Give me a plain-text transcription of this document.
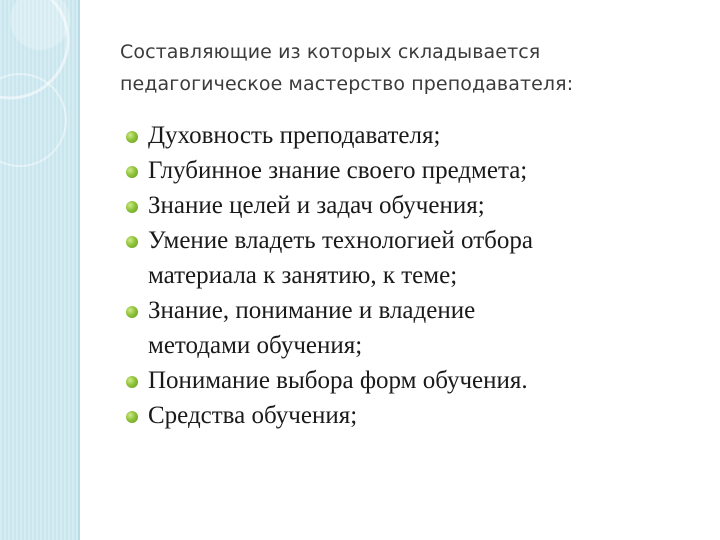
Составляющие из которых складывается
педагогическое мастерство преподавателя:
Духовность преподавателя;
Глубинное знание своего предмета;
Знание целей и задач обучения;
Умение владеть технологией отбора
материала к занятию, к теме;
Знание, понимание и владение
методами обучения;
Понимание выбора форм обучения.
Средства обучения;
